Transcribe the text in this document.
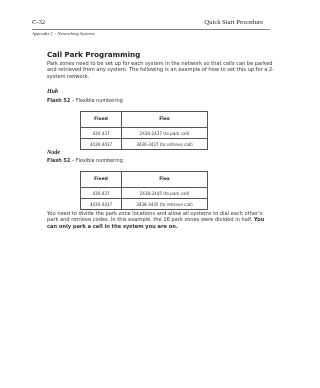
C-32	Quick Start Procedure
Appendix C - Networking Systems
Call Park Programming
Park zones need to be set up for each system in the network so that calls can be parked and retrieved from any system. The following is an example of how to set this up for a 2-system network.
Hub
Flash 52 – Flexible numbering
Fixed	Flex
430-437	2430-2437 (to park call)
4430-4437	3430-3437 (to retrieve call)
Node
Flash 52 – Flexible numbering
Fixed	Flex
430-437	2438-2445 (to park call)
4430-4437	3438-3445 (to retrieve call)
You need to divide the park zone locations and allow all systems to dial each other’s park and retrieve codes. In this example, the 16 park zones were divided in half. You can only park a call in the system you are on.
